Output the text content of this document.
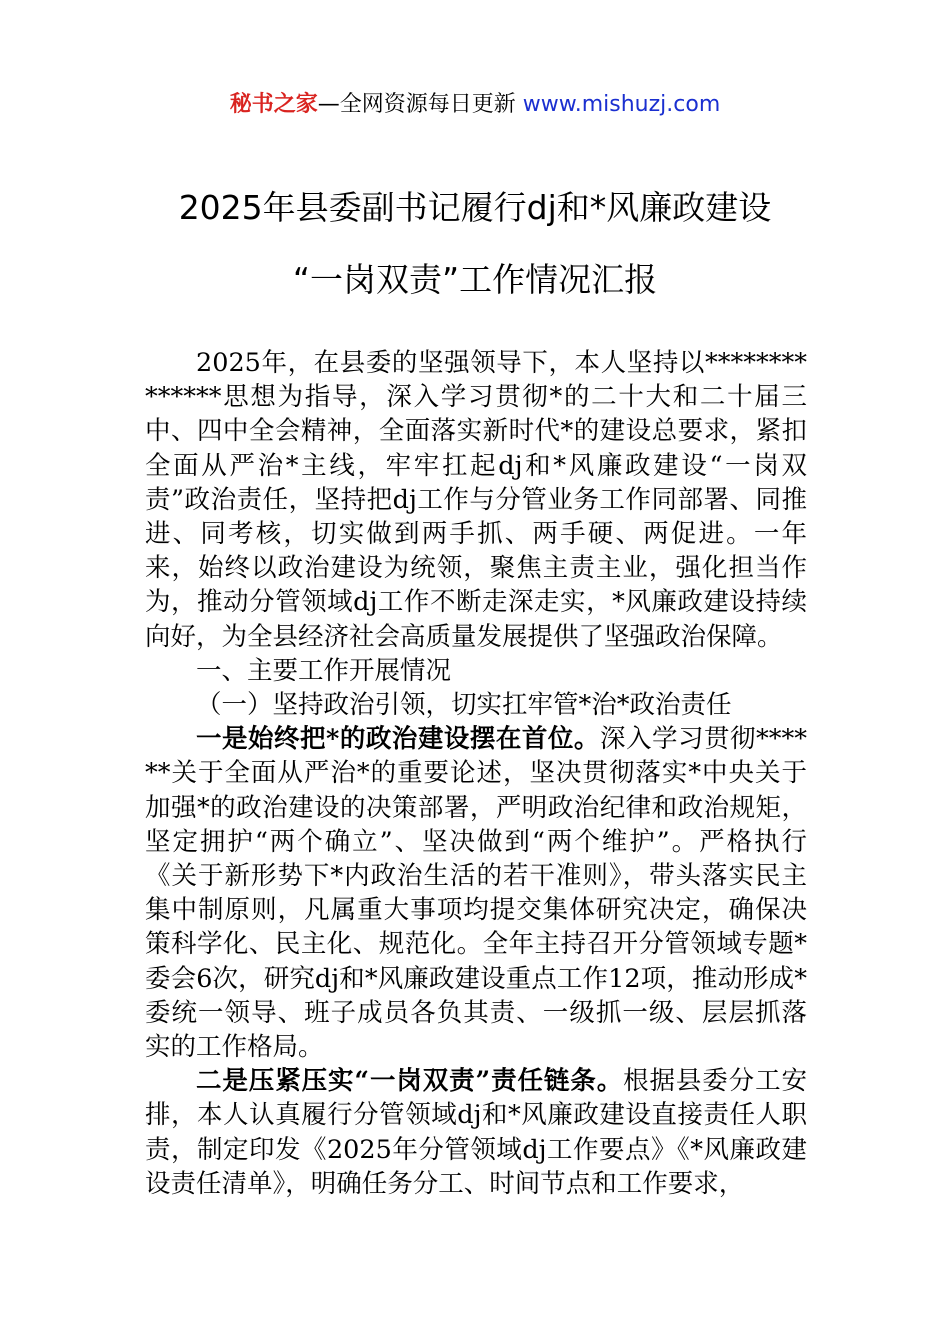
秘书之家—全网资源每日更新 www.mishuzj.com
2025年县委副书记履行dj和*风廉政建设
“一岗双责”工作情况汇报

2025年，在县委的坚强领导下，本人坚持以**************思想为指导，深入学习贯彻*的二十大和二十届三中、四中全会精神，全面落实新时代*的建设总要求，紧扣全面从严治*主线，牢牢扛起dj和*风廉政建设“一岗双责”政治责任，坚持把dj工作与分管业务工作同部署、同推进、同考核，切实做到两手抓、两手硬、两促进。一年来，始终以政治建设为统领，聚焦主责主业，强化担当作为，推动分管领域dj工作不断走深走实，*风廉政建设持续向好，为全县经济社会高质量发展提供了坚强政治保障。

一、主要工作开展情况

（一）坚持政治引领，切实扛牢管*治*政治责任

一是始终把*的政治建设摆在首位。深入学习贯彻******关于全面从严治*的重要论述，坚决贯彻落实*中央关于加强*的政治建设的决策部署，严明政治纪律和政治规矩，坚定拥护“两个确立”、坚决做到“两个维护”。严格执行《关于新形势下*内政治生活的若干准则》，带头落实民主集中制原则，凡属重大事项均提交集体研究决定，确保决策科学化、民主化、规范化。全年主持召开分管领域专题*委会6次，研究dj和*风廉政建设重点工作12项，推动形成*委统一领导、班子成员各负其责、一级抓一级、层层抓落实的工作格局。

二是压紧压实“一岗双责”责任链条。根据县委分工安排，本人认真履行分管领域dj和*风廉政建设直接责任人职责，制定印发《2025年分管领域dj工作要点》《*风廉政建设责任清单》，明确任务分工、时间节点和工作要求，
